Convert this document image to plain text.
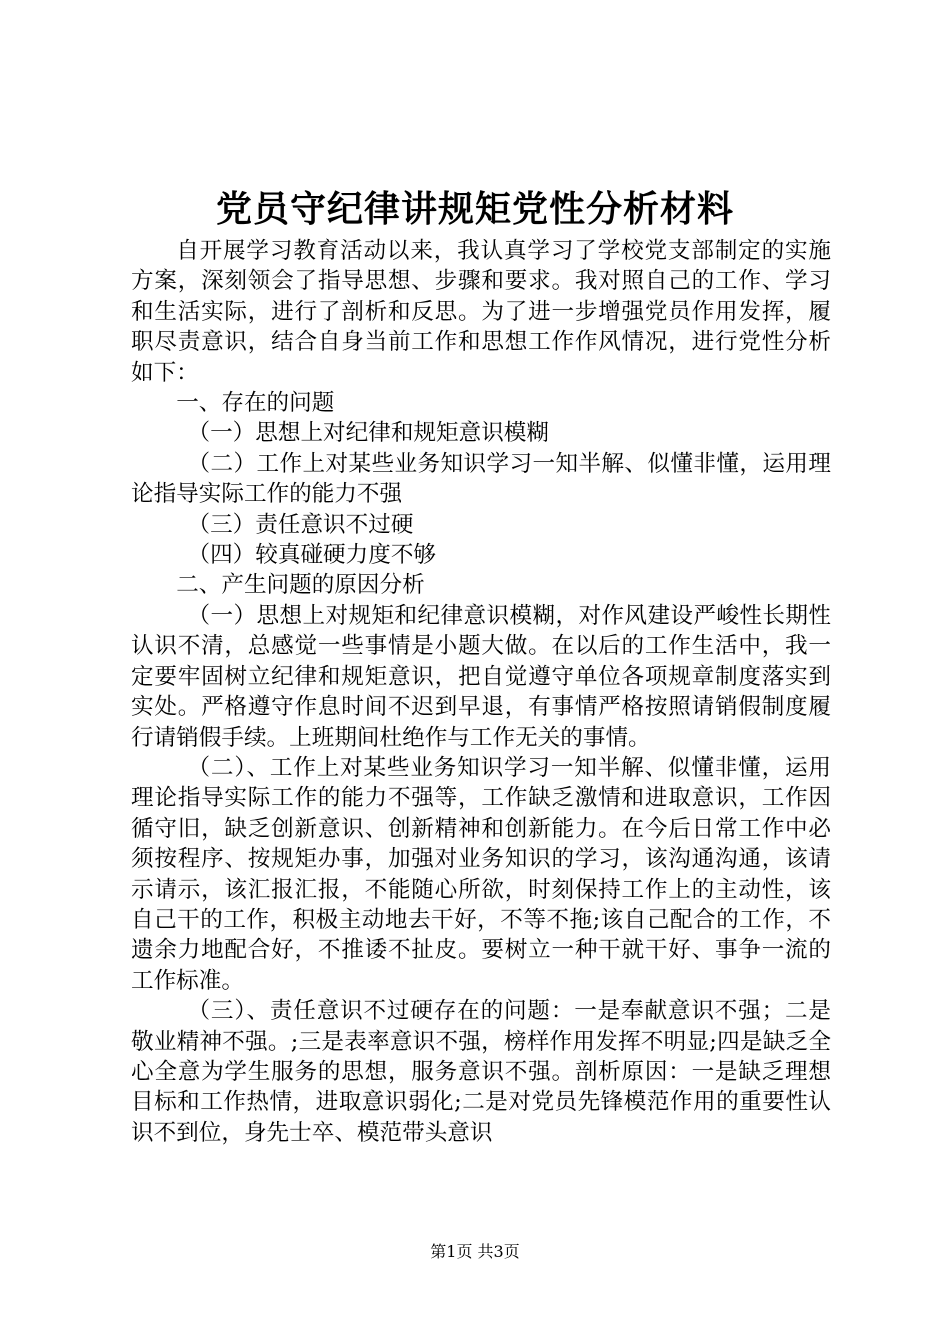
党员守纪律讲规矩党性分析材料

自开展学习教育活动以来，我认真学习了学校党支部制定的实施方案，深刻领会了指导思想、步骤和要求。我对照自己的工作、学习和生活实际，进行了剖析和反思。为了进一步增强党员作用发挥，履职尽责意识，结合自身当前工作和思想工作作风情况，进行党性分析如下：

一、存在的问题

（一）思想上对纪律和规矩意识模糊

（二）工作上对某些业务知识学习一知半解、似懂非懂，运用理论指导实际工作的能力不强

（三）责任意识不过硬

（四）较真碰硬力度不够

二、产生问题的原因分析

（一）思想上对规矩和纪律意识模糊，对作风建设严峻性长期性认识不清，总感觉一些事情是小题大做。在以后的工作生活中，我一定要牢固树立纪律和规矩意识，把自觉遵守单位各项规章制度落实到实处。严格遵守作息时间不迟到早退，有事情严格按照请销假制度履行请销假手续。上班期间杜绝作与工作无关的事情。

（二）、工作上对某些业务知识学习一知半解、似懂非懂，运用理论指导实际工作的能力不强等，工作缺乏激情和进取意识，工作因循守旧，缺乏创新意识、创新精神和创新能力。在今后日常工作中必须按程序、按规矩办事，加强对业务知识的学习，该沟通沟通，该请示请示，该汇报汇报，不能随心所欲，时刻保持工作上的主动性，该自己干的工作，积极主动地去干好，不等不拖;该自己配合的工作，不遗余力地配合好，不推诿不扯皮。要树立一种干就干好、事争一流的工作标准。

（三）、责任意识不过硬存在的问题：一是奉献意识不强；二是敬业精神不强。;三是表率意识不强，榜样作用发挥不明显;四是缺乏全心全意为学生服务的思想，服务意识不强。剖析原因：一是缺乏理想目标和工作热情，进取意识弱化;二是对党员先锋模范作用的重要性认识不到位，身先士卒、模范带头意识

第1页 共3页
